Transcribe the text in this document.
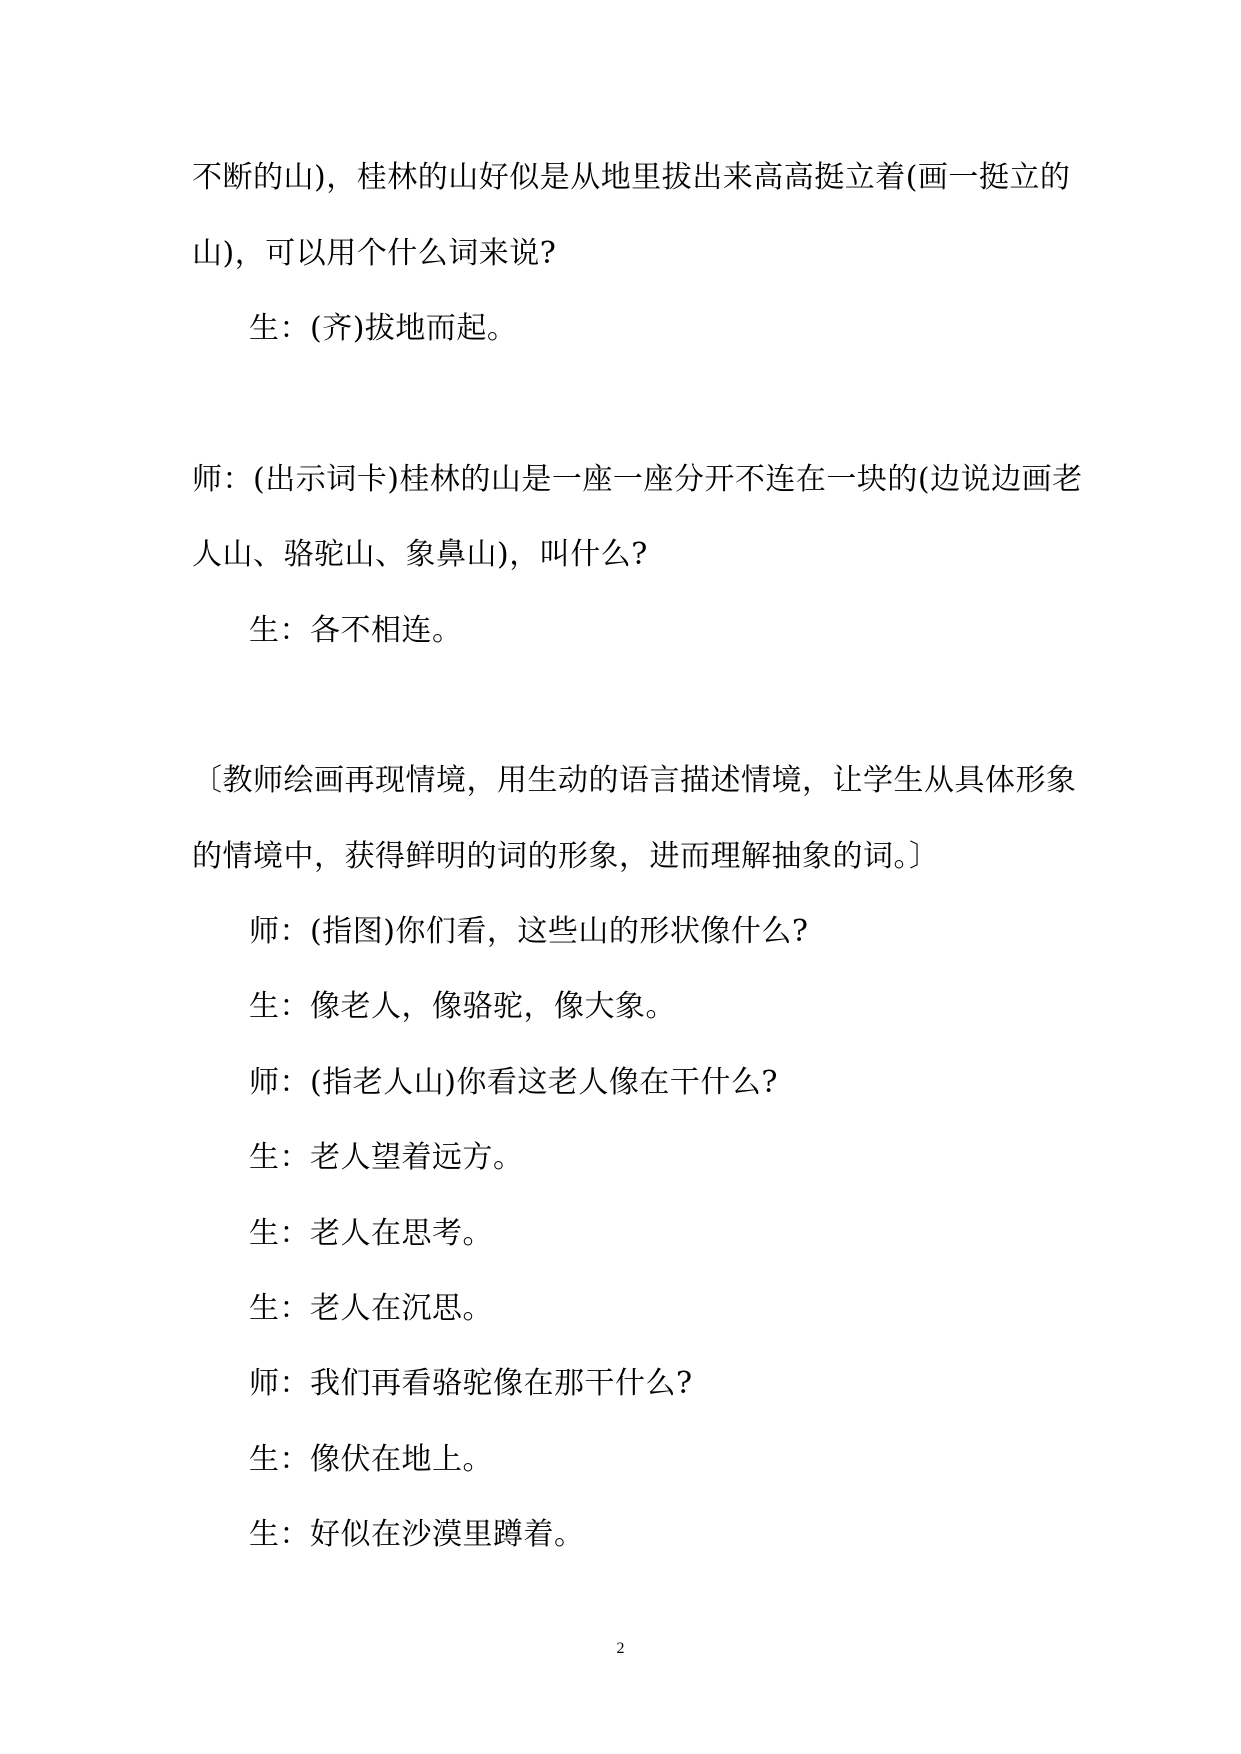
不断的山)，桂林的山好似是从地里拔出来高高挺立着(画一挺立的
山)，可以用个什么词来说?
生：(齐)拔地而起。
师：(出示词卡)桂林的山是一座一座分开不连在一块的(边说边画老
人山、骆驼山、象鼻山)，叫什么?
生：各不相连。
〔教师绘画再现情境，用生动的语言描述情境，让学生从具体形象
的情境中，获得鲜明的词的形象，进而理解抽象的词。〕
师：(指图)你们看，这些山的形状像什么?
生：像老人，像骆驼，像大象。
师：(指老人山)你看这老人像在干什么?
生：老人望着远方。
生：老人在思考。
生：老人在沉思。
师：我们再看骆驼像在那干什么?
生：像伏在地上。
生：好似在沙漠里蹲着。
2
